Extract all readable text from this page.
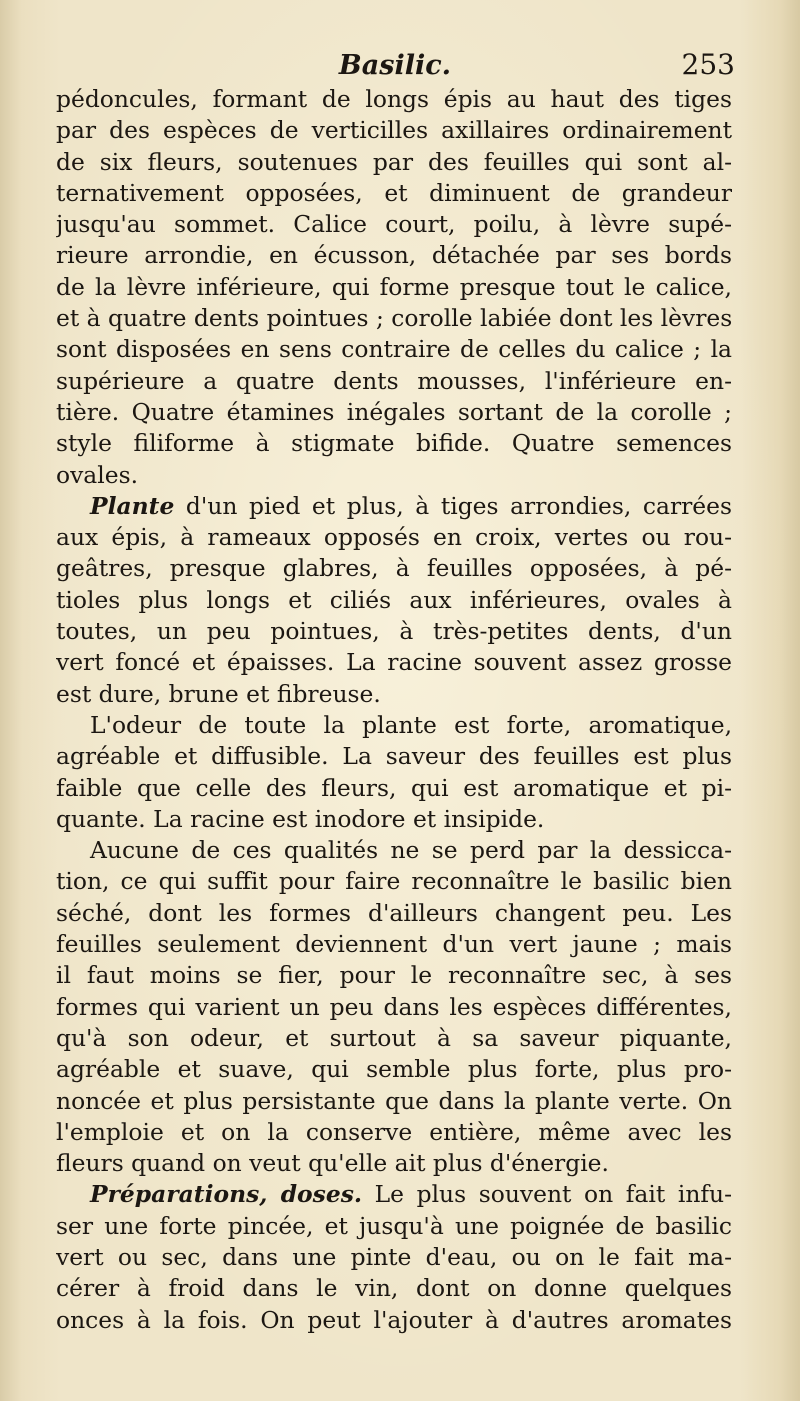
Basilic.	253
pédoncules, formant de longs épis au haut des tiges
par des espèces de verticilles axillaires ordinairement
de six fleurs, soutenues par des feuilles qui sont al-
ternativement opposées, et diminuent de grandeur
jusqu'au sommet. Calice court, poilu, à lèvre supé-
rieure arrondie, en écusson, détachée par ses bords
de la lèvre inférieure, qui forme presque tout le calice,
et à quatre dents pointues ; corolle labiée dont les lèvres
sont disposées en sens contraire de celles du calice ; la
supérieure a quatre dents mousses, l'inférieure en-
tière. Quatre étamines inégales sortant de la corolle ;
style filiforme à stigmate bifide. Quatre semences
ovales.
Plante d'un pied et plus, à tiges arrondies, carrées
aux épis, à rameaux opposés en croix, vertes ou rou-
geâtres, presque glabres, à feuilles opposées, à pé-
tioles plus longs et ciliés aux inférieures, ovales à
toutes, un peu pointues, à très-petites dents, d'un
vert foncé et épaisses. La racine souvent assez grosse
est dure, brune et fibreuse.
L'odeur de toute la plante est forte, aromatique,
agréable et diffusible. La saveur des feuilles est plus
faible que celle des fleurs, qui est aromatique et pi-
quante. La racine est inodore et insipide.
Aucune de ces qualités ne se perd par la dessicca-
tion, ce qui suffit pour faire reconnaître le basilic bien
séché, dont les formes d'ailleurs changent peu. Les
feuilles seulement deviennent d'un vert jaune ; mais
il faut moins se fier, pour le reconnaître sec, à ses
formes qui varient un peu dans les espèces différentes,
qu'à son odeur, et surtout à sa saveur piquante,
agréable et suave, qui semble plus forte, plus pro-
noncée et plus persistante que dans la plante verte. On
l'emploie et on la conserve entière, même avec les
fleurs quand on veut qu'elle ait plus d'énergie.
Préparations, doses. Le plus souvent on fait infu-
ser une forte pincée, et jusqu'à une poignée de basilic
vert ou sec, dans une pinte d'eau, ou on le fait ma-
cérer à froid dans le vin, dont on donne quelques
onces à la fois. On peut l'ajouter à d'autres aromates
